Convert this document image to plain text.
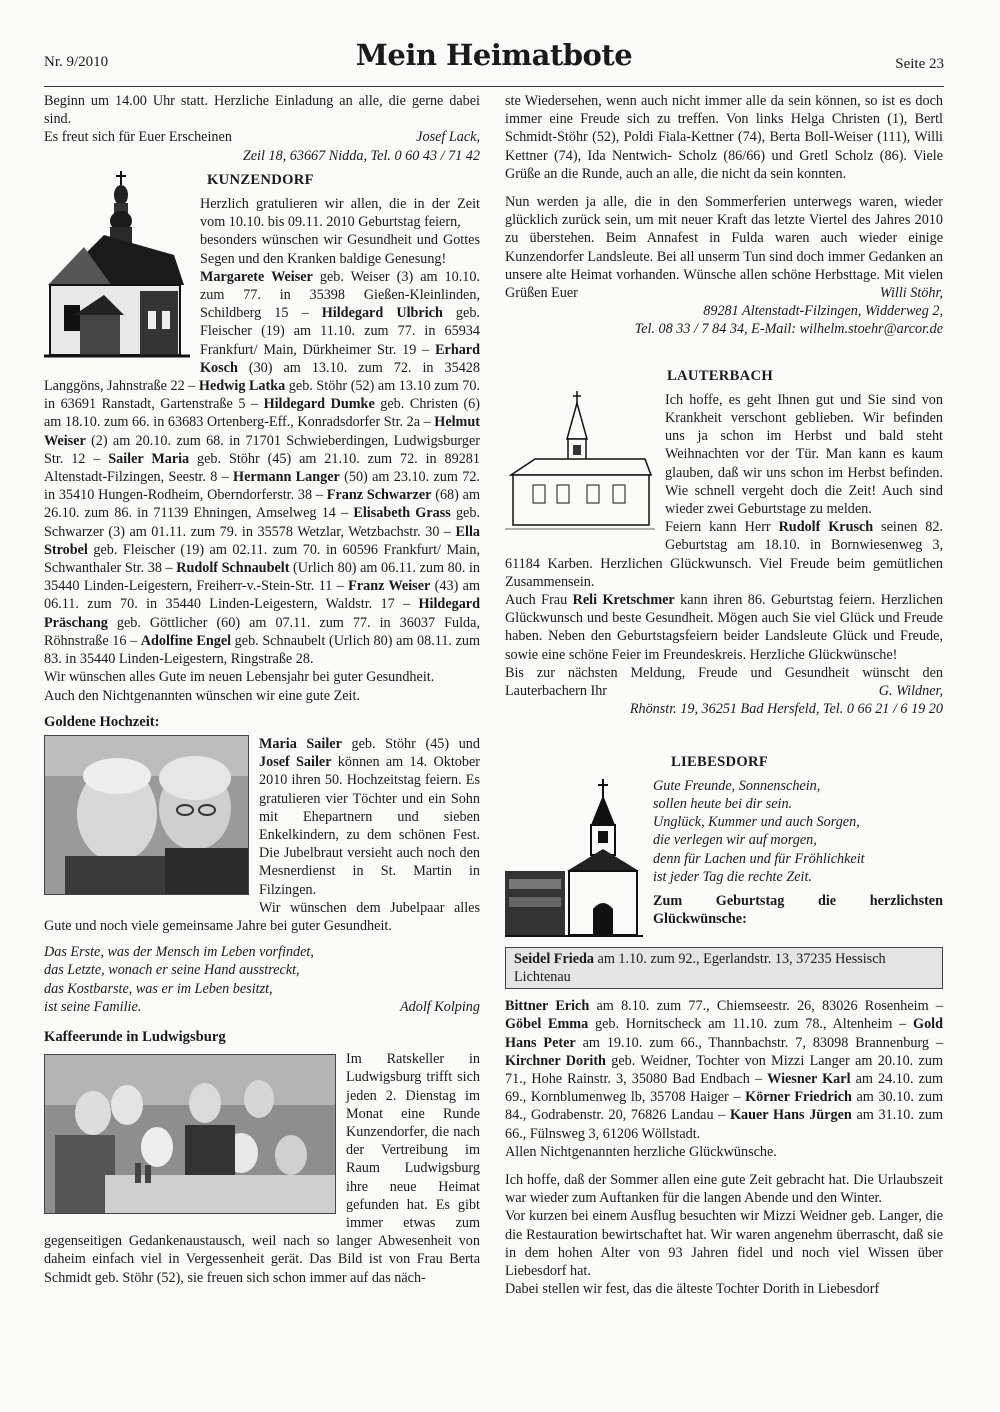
Nr. 9/2010	Mein Heimatbote	Seite 23

Beginn um 14.00 Uhr statt. Herzliche Einladung an alle, die gerne dabei sind.

Es freut sich für Euer Erscheinen	Josef Lack,

Zeil 18, 63667 Nidda, Tel. 0 60 43 / 71 42

KUNZENDORF

Herzlich gratulieren wir allen, die in der Zeit vom 10.10. bis 09.11. 2010 Geburtstag feiern,

besonders wünschen wir Gesundheit und Gottes Segen und den Kranken baldige Genesung!

Margarete Weiser geb. Weiser (3) am 10.10. zum 77. in 35398 Gießen-Kleinlinden, Schildberg 15 – Hildegard Ulbrich geb. Fleischer (19) am 11.10. zum 77. in 65934 Frankfurt/ Main, Dürkheimer Str. 19 – Erhard Kosch (30) am 13.10. zum 72. in 35428 Langgöns, Jahnstraße 22 – Hedwig Latka geb. Stöhr (52) am 13.10 zum 70. in 63691 Ranstadt, Gartenstraße 5 – Hildegard Dumke geb. Christen (6) am 18.10. zum 66. in 63683 Ortenberg-Eff., Konradsdorfer Str. 2a – Helmut Weiser (2) am 20.10. zum 68. in 71701 Schwieberdingen, Ludwigsburger Str. 12 – Sailer Maria geb. Stöhr (45) am 21.10. zum 72. in 89281 Altenstadt-Filzingen, Seestr. 8 – Hermann Langer (50) am 23.10. zum 72. in 35410 Hungen-Rodheim, Oberndorferstr. 38 – Franz Schwarzer (68) am 26.10. zum 86. in 71139 Ehningen, Amselweg 14 – Elisabeth Grass geb. Schwarzer (3) am 01.11. zum 79. in 35578 Wetzlar, Wetzbachstr. 30 – Ella Strobel geb. Fleischer (19) am 02.11. zum 70. in 60596 Frankfurt/ Main, Schwanthaler Str. 38 – Rudolf Schnaubelt (Urlich 80) am 06.11. zum 80. in 35440 Linden-Leigestern, Freiherr-v.-Stein-Str. 11 – Franz Weiser (43) am 06.11. zum 70. in 35440 Linden-Leigestern, Waldstr. 17 – Hildegard Präschang geb. Göttlicher (60) am 07.11. zum 77. in 36037 Fulda, Röhnstraße 16 – Adolfine Engel geb. Schnaubelt (Urlich 80) am 08.11. zum 83. in 35440 Linden-Leigestern, Ringstraße 28.

Wir wünschen alles Gute im neuen Lebensjahr bei guter Gesundheit.

Auch den Nichtgenannten wünschen wir eine gute Zeit.

Goldene Hochzeit:

Maria Sailer geb. Stöhr (45) und Josef Sailer können am 14. Oktober 2010 ihren 50. Hochzeitstag feiern. Es gratulieren vier Töchter und ein Sohn mit Ehepartnern und sieben Enkelkindern, zu dem schönen Fest. Die Jubelbraut versieht auch noch den Mesnerdienst in St. Martin in Filzingen.

Wir wünschen dem Jubelpaar alles Gute und noch viele gemeinsame Jahre bei guter Gesundheit.

Das Erste, was der Mensch im Leben vorfindet,

das Letzte, wonach er seine Hand ausstreckt,

das Kostbarste, was er im Leben besitzt,

ist seine Familie.	Adolf Kolping
Kaffeerunde in Ludwigsburg

Im Ratskeller in Ludwigsburg trifft sich jeden 2. Dienstag im Monat eine Runde Kunzendorfer, die nach der Vertreibung im Raum Ludwigsburg ihre neue Heimat gefunden hat. Es gibt immer etwas zum gegenseitigen Gedankenaustausch, weil nach so langer Abwesenheit von daheim einfach viel in Vergessenheit gerät. Das Bild ist von Frau Berta Schmidt geb. Stöhr (52), sie freuen sich schon immer auf das näch-

ste Wiedersehen, wenn auch nicht immer alle da sein können, so ist es doch immer eine Freude sich zu treffen. Von links Helga Christen (1), Bertl Schmidt-Stöhr (52), Poldi Fiala-Kettner (74), Berta Boll-Weiser (111), Willi Kettner (74), Ida Nentwich- Scholz (86/66) und Gretl Scholz (86). Viele Grüße an die Runde, auch an alle, die nicht da sein konnten.

Nun werden ja alle, die in den Sommerferien unterwegs waren, wieder glücklich zurück sein, um mit neuer Kraft das letzte Viertel des Jahres 2010 zu überstehen. Beim Annafest in Fulda waren auch wieder einige Kunzendorfer Landsleute. Bei all unserm Tun sind doch immer Gedanken an unsere alte Heimat vorhanden. Wünsche allen schöne Herbsttage. Mit vielen Grüßen Euer	Willi Stöhr,

89281 Altenstadt-Filzingen, Widderweg 2,

Tel. 08 33 / 7 84 34, E-Mail: wilhelm.stoehr@arcor.de

LAUTERBACH

Ich hoffe, es geht Ihnen gut und Sie sind von Krankheit verschont geblieben. Wir befinden uns ja schon im Herbst und bald steht Weihnachten vor der Tür. Man kann es kaum glauben, daß wir uns schon im Herbst befinden. Wie schnell vergeht doch die Zeit! Auch sind wieder zwei Geburtstage zu melden.

Feiern kann Herr Rudolf Krusch seinen 82. Geburtstag am 18.10. in Bornwiesenweg 3, 61184 Karben. Herzlichen Glückwunsch. Viel Freude beim gemütlichen Zusammensein.

Auch Frau Reli Kretschmer kann ihren 86. Geburtstag feiern. Herzlichen Glückwunsch und beste Gesundheit. Mögen auch Sie viel Glück und Freude haben. Neben den Geburtstagsfeiern beider Landsleute Glück und Freude, sowie eine schöne Feier im Freundeskreis. Herzliche Glückwünsche!

Bis zur nächsten Meldung, Freude und Gesundheit wünscht den Lauterbachern Ihr	G. Wildner,

Rhönstr. 19, 36251 Bad Hersfeld, Tel. 0 66 21 / 6 19 20

LIEBESDORF

Gute Freunde, Sonnenschein,

sollen heute bei dir sein.

Unglück, Kummer und auch Sorgen,

die verlegen wir auf morgen,

denn für Lachen und für Fröhlichkeit

ist jeder Tag die rechte Zeit.

Zum Geburtstag die herzlichsten Glückwünsche:

Seidel Frieda am 1.10. zum 92., Egerlandstr. 13, 37235 Hessisch Lichtenau

Bittner Erich am 8.10. zum 77., Chiemseestr. 26, 83026 Rosenheim – Göbel Emma geb. Hornitscheck am 11.10. zum 78., Altenheim – Gold Hans Peter am 19.10. zum 66., Thannbachstr. 7, 83098 Brannenburg – Kirchner Dorith geb. Weidner, Tochter von Mizzi Langer am 20.10. zum 71., Hohe Rainstr. 3, 35080 Bad Endbach – Wiesner Karl am 24.10. zum 69., Kornblumenweg lb, 35708 Haiger – Körner Friedrich am 30.10. zum 84., Godrabenstr. 20, 76826 Landau – Kauer Hans Jürgen am 31.10. zum 66., Fülnsweg 3, 61206 Wöllstadt.

Allen Nichtgenannten herzliche Glückwünsche.

Ich hoffe, daß der Sommer allen eine gute Zeit gebracht hat. Die Urlaubszeit war wieder zum Auftanken für die langen Abende und den Winter.

Vor kurzen bei einem Ausflug besuchten wir Mizzi Weidner geb. Langer, die die Restauration bewirtschaftet hat. Wir waren angenehm überrascht, daß sie in dem hohen Alter von 93 Jahren fidel und noch viel Wissen über Liebesdorf hat.

Dabei stellen wir fest, das die älteste Tochter Dorith in Liebesdorf
